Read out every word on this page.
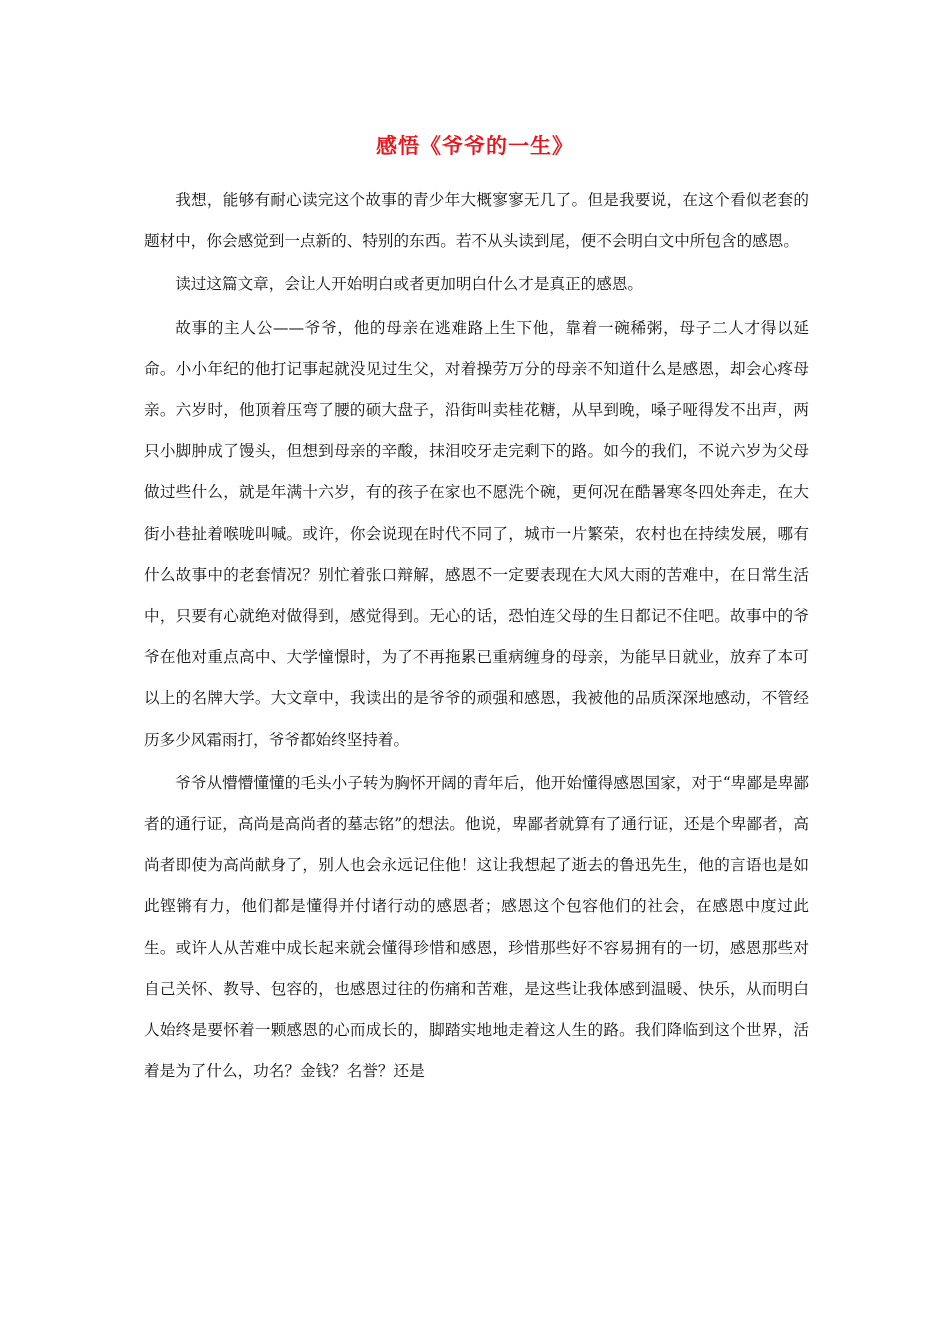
感悟《爷爷的一生》

我想，能够有耐心读完这个故事的青少年大概寥寥无几了。但是我要说，在这个看似老套的题材中，你会感觉到一点新的、特别的东西。若不从头读到尾，便不会明白文中所包含的感恩。

读过这篇文章，会让人开始明白或者更加明白什么才是真正的感恩。

故事的主人公——爷爷，他的母亲在逃难路上生下他，靠着一碗稀粥，母子二人才得以延命。小小年纪的他打记事起就没见过生父，对着操劳万分的母亲不知道什么是感恩，却会心疼母亲。六岁时，他顶着压弯了腰的硕大盘子，沿街叫卖桂花糖，从早到晚，嗓子哑得发不出声，两只小脚肿成了馒头，但想到母亲的辛酸，抹泪咬牙走完剩下的路。如今的我们，不说六岁为父母做过些什么，就是年满十六岁，有的孩子在家也不愿洗个碗，更何况在酷暑寒冬四处奔走，在大街小巷扯着喉咙叫喊。或许，你会说现在时代不同了，城市一片繁荣，农村也在持续发展，哪有什么故事中的老套情况？别忙着张口辩解，感恩不一定要表现在大风大雨的苦难中，在日常生活中，只要有心就绝对做得到，感觉得到。无心的话，恐怕连父母的生日都记不住吧。故事中的爷爷在他对重点高中、大学憧憬时，为了不再拖累已重病缠身的母亲，为能早日就业，放弃了本可以上的名牌大学。大文章中，我读出的是爷爷的顽强和感恩，我被他的品质深深地感动，不管经历多少风霜雨打，爷爷都始终坚持着。

爷爷从懵懵懂懂的毛头小子转为胸怀开阔的青年后，他开始懂得感恩国家，对于“卑鄙是卑鄙者的通行证，高尚是高尚者的墓志铭”的想法。他说，卑鄙者就算有了通行证，还是个卑鄙者，高尚者即使为高尚献身了，别人也会永远记住他！这让我想起了逝去的鲁迅先生，他的言语也是如此铿锵有力，他们都是懂得并付诸行动的感恩者；感恩这个包容他们的社会，在感恩中度过此生。或许人从苦难中成长起来就会懂得珍惜和感恩，珍惜那些好不容易拥有的一切，感恩那些对自己关怀、教导、包容的，也感恩过往的伤痛和苦难，是这些让我体感到温暖、快乐，从而明白人始终是要怀着一颗感恩的心而成长的，脚踏实地地走着这人生的路。我们降临到这个世界，活着是为了什么，功名？金钱？名誉？还是
